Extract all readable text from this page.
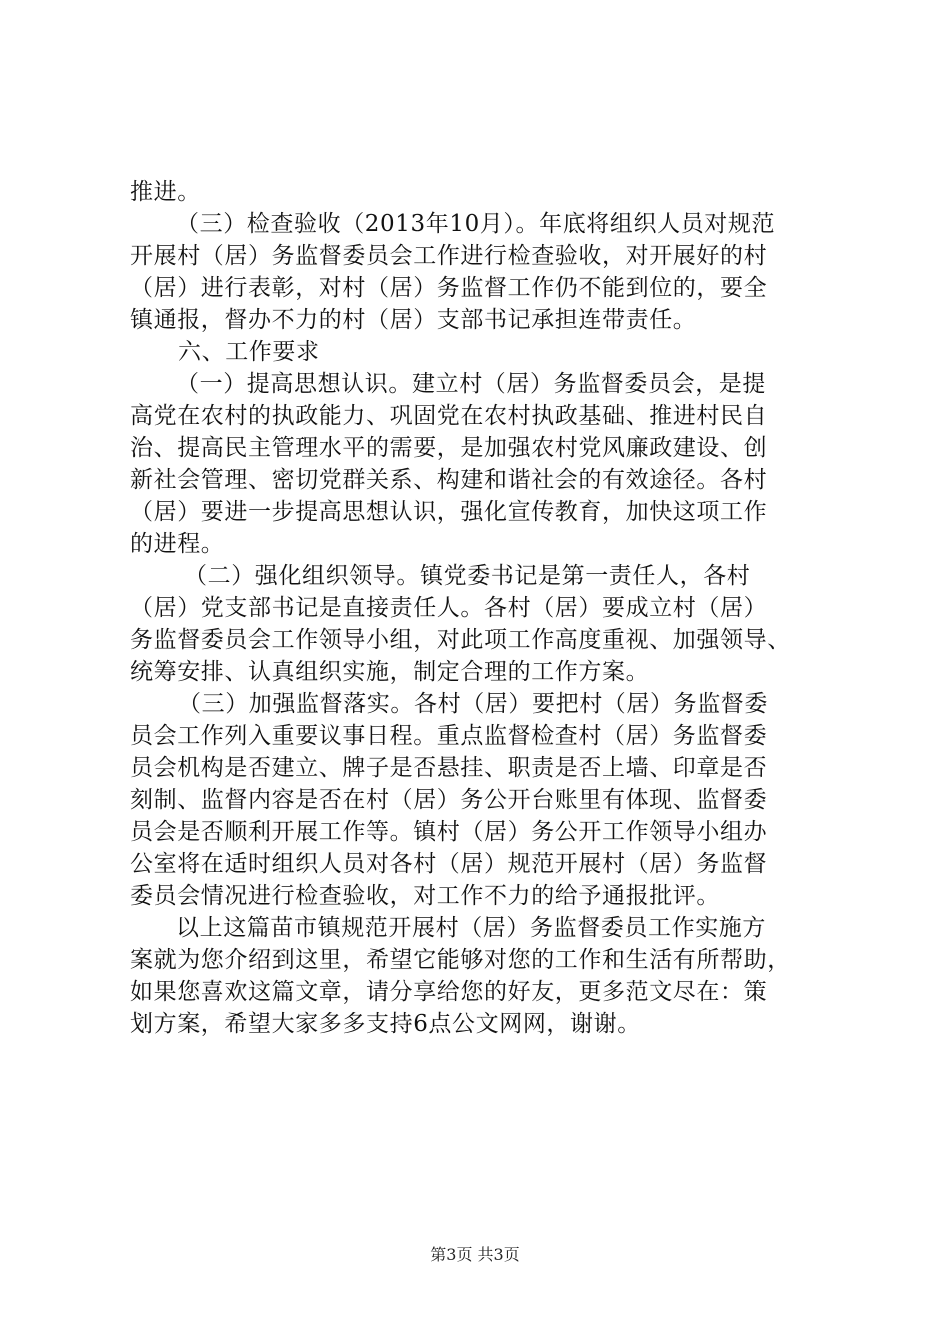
推进。

（三）检查验收（2013年10月）。年底将组织人员对规范

开展村（居）务监督委员会工作进行检查验收，对开展好的村

（居）进行表彰，对村（居）务监督工作仍不能到位的，要全

镇通报，督办不力的村（居）支部书记承担连带责任。

六、工作要求

（一）提高思想认识。建立村（居）务监督委员会，是提

高党在农村的执政能力、巩固党在农村执政基础、推进村民自

治、提高民主管理水平的需要，是加强农村党风廉政建设、创

新社会管理、密切党群关系、构建和谐社会的有效途径。各村

（居）要进一步提高思想认识，强化宣传教育，加快这项工作

的进程。

（二）强化组织领导。镇党委书记是第一责任人，各村

（居）党支部书记是直接责任人。各村（居）要成立村（居）

务监督委员会工作领导小组，对此项工作高度重视、加强领导、

统筹安排、认真组织实施，制定合理的工作方案。

（三）加强监督落实。各村（居）要把村（居）务监督委

员会工作列入重要议事日程。重点监督检查村（居）务监督委

员会机构是否建立、牌子是否悬挂、职责是否上墙、印章是否

刻制、监督内容是否在村（居）务公开台账里有体现、监督委

员会是否顺利开展工作等。镇村（居）务公开工作领导小组办

公室将在适时组织人员对各村（居）规范开展村（居）务监督

委员会情况进行检查验收，对工作不力的给予通报批评。

以上这篇苗市镇规范开展村（居）务监督委员工作实施方

案就为您介绍到这里，希望它能够对您的工作和生活有所帮助，

如果您喜欢这篇文章，请分享给您的好友，更多范文尽在：策

划方案，希望大家多多支持6点公文网网，谢谢。

第3页 共3页
